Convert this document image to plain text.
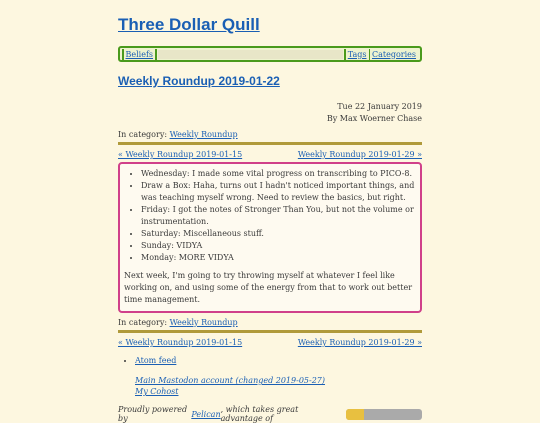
Three Dollar Quill
Beliefs	Tags Categories
Weekly Roundup 2019-01-22
Tue 22 January 2019
By Max Woerner Chase
In category: Weekly Roundup
« Weekly Roundup 2019-01-15	Weekly Roundup 2019-01-29 »
• Wednesday: I made some vital progress on transcribing to PICO-8.
• Draw a Box: Haha, turns out I hadn't noticed important things, and was teaching myself wrong. Need to review the basics, but right.
• Friday: I got the notes of Stronger Than You, but not the volume or instrumentation.
• Saturday: Miscellaneous stuff.
• Sunday: VIDYA
• Monday: MORE VIDYA

Next week, I'm going to try throwing myself at whatever I feel like working on, and using some of the energy from that to work out better time management.

In category: Weekly Roundup
« Weekly Roundup 2019-01-15	Weekly Roundup 2019-01-29 »
• Atom feed
Main Mastodon account (changed 2019-05-27)
My Cohost
Proudly powered by	Pelican , which takes great advantage of
